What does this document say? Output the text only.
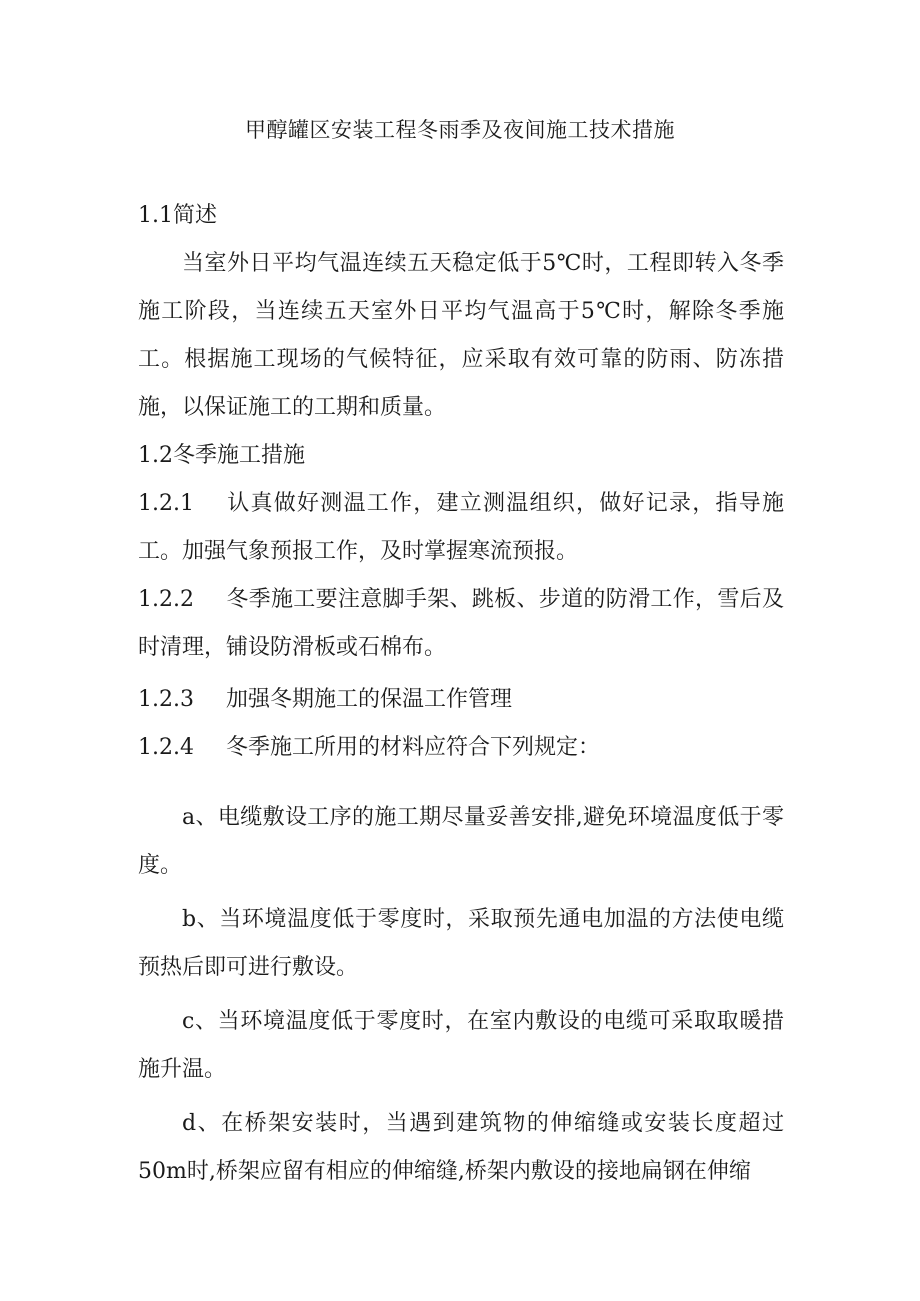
甲醇罐区安装工程冬雨季及夜间施工技术措施

1.1简述

当室外日平均气温连续五天稳定低于5℃时，工程即转入冬季施工阶段，当连续五天室外日平均气温高于5℃时，解除冬季施工。根据施工现场的气候特征，应采取有效可靠的防雨、防冻措施，以保证施工的工期和质量。

1.2冬季施工措施

1.2.1 认真做好测温工作，建立测温组织，做好记录，指导施工。加强气象预报工作，及时掌握寒流预报。

1.2.2 冬季施工要注意脚手架、跳板、步道的防滑工作，雪后及时清理，铺设防滑板或石棉布。

1.2.3 加强冬期施工的保温工作管理

1.2.4 冬季施工所用的材料应符合下列规定：

a、电缆敷设工序的施工期尽量妥善安排,避免环境温度低于零度。

b、当环境温度低于零度时，采取预先通电加温的方法使电缆预热后即可进行敷设。

c、当环境温度低于零度时，在室内敷设的电缆可采取取暖措施升温。

d、在桥架安装时，当遇到建筑物的伸缩缝或安装长度超过50m时,桥架应留有相应的伸缩缝,桥架内敷设的接地扁钢在伸缩
